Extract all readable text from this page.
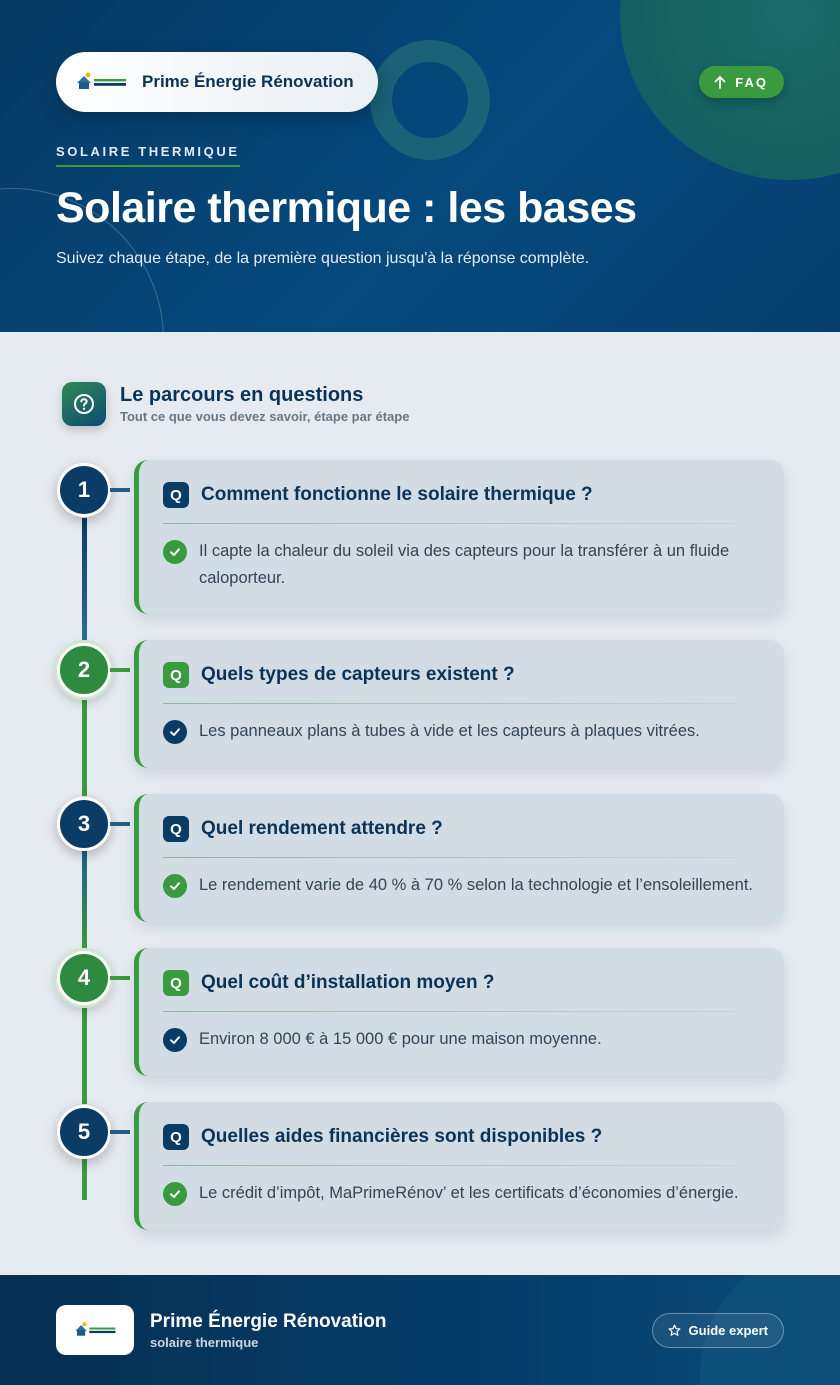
Prime Énergie Rénovation	FAQ
SOLAIRE THERMIQUE
Solaire thermique : les bases

Suivez chaque étape, de la première question jusqu'à la réponse complète.

Le parcours en questions
Tout ce que vous devez savoir, étape par étape
1	Q	Comment fonctionne le solaire thermique ?
Il capte la chaleur du soleil via des capteurs pour la transférer à un fluide caloporteur.
2	Q	Quels types de capteurs existent ?
Les panneaux plans à tubes à vide et les capteurs à plaques vitrées.
3	Q	Quel rendement attendre ?
Le rendement varie de 40 % à 70 % selon la technologie et l’ensoleillement.
4	Q	Quel coût d’installation moyen ?
Environ 8 000 € à 15 000 € pour une maison moyenne.
5	Q	Quelles aides financières sont disponibles ?
Le crédit d’impôt, MaPrimeRénov’ et les certificats d’économies d’énergie.
Prime Énergie Rénovation
solaire thermique
Guide expert
